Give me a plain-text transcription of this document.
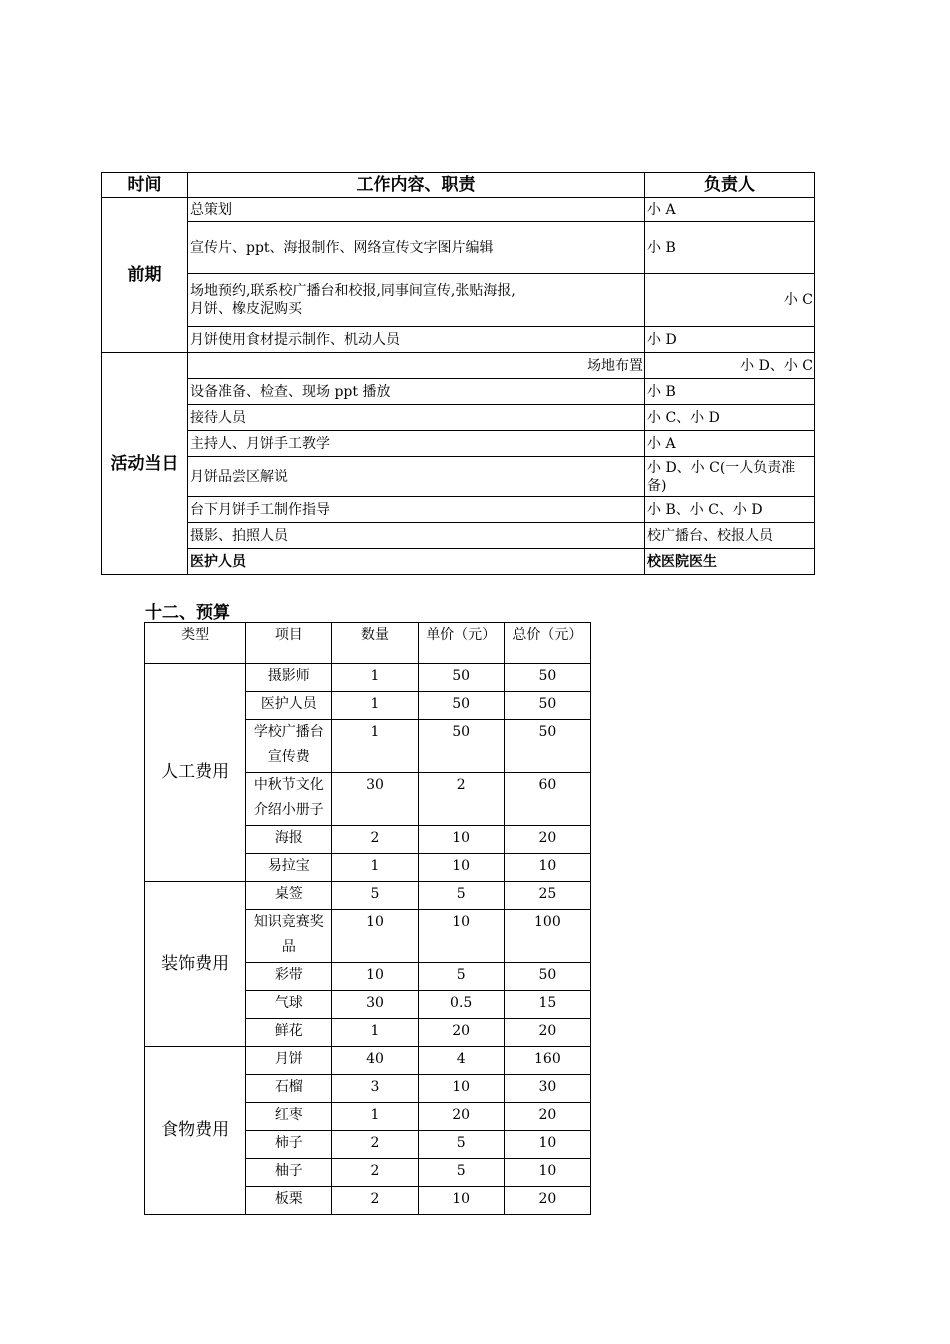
时间	工作内容、职责	负责人
前期	总策划	小 A
	宣传片、ppt、海报制作、网络宣传文字图片编辑	小 B

	场地预约,联系校广播台和校报,同事间宣传,张贴海报,
月饼、橡皮泥购买	小 C
	月饼使用食材提示制作、机动人员	小 D
活动当日	场地布置	小 D、小 C
	设备准备、检查、现场 ppt 播放	小 B
	接待人员	小 C、小 D
	主持人、月饼手工教学	小 A
	月饼品尝区解说	小 D、小 C(一人负责准
备)

	台下月饼手工制作指导	小 B、小 C、小 D
	摄影、拍照人员	校广播台、校报人员
	医护人员	校医院医生
十二、预算
类型	项目	数量	单价（元）	总价（元）
人工费用	摄影师	1	50	50
	医护人员	1	50	50

	学校广播台
宣传费	1	50	50

	中秋节文化
介绍小册子	30	2	60
	海报	2	10	20
	易拉宝	1	10	10
装饰费用	桌签	5	5	25

	知识竞赛奖
品	10	10	100
	彩带	10	5	50
	气球	30	0.5	15
	鲜花	1	20	20
食物费用	月饼	40	4	160
	石榴	3	10	30
	红枣	1	20	20
	柿子	2	5	10
	柚子	2	5	10
	板栗	2	10	20
